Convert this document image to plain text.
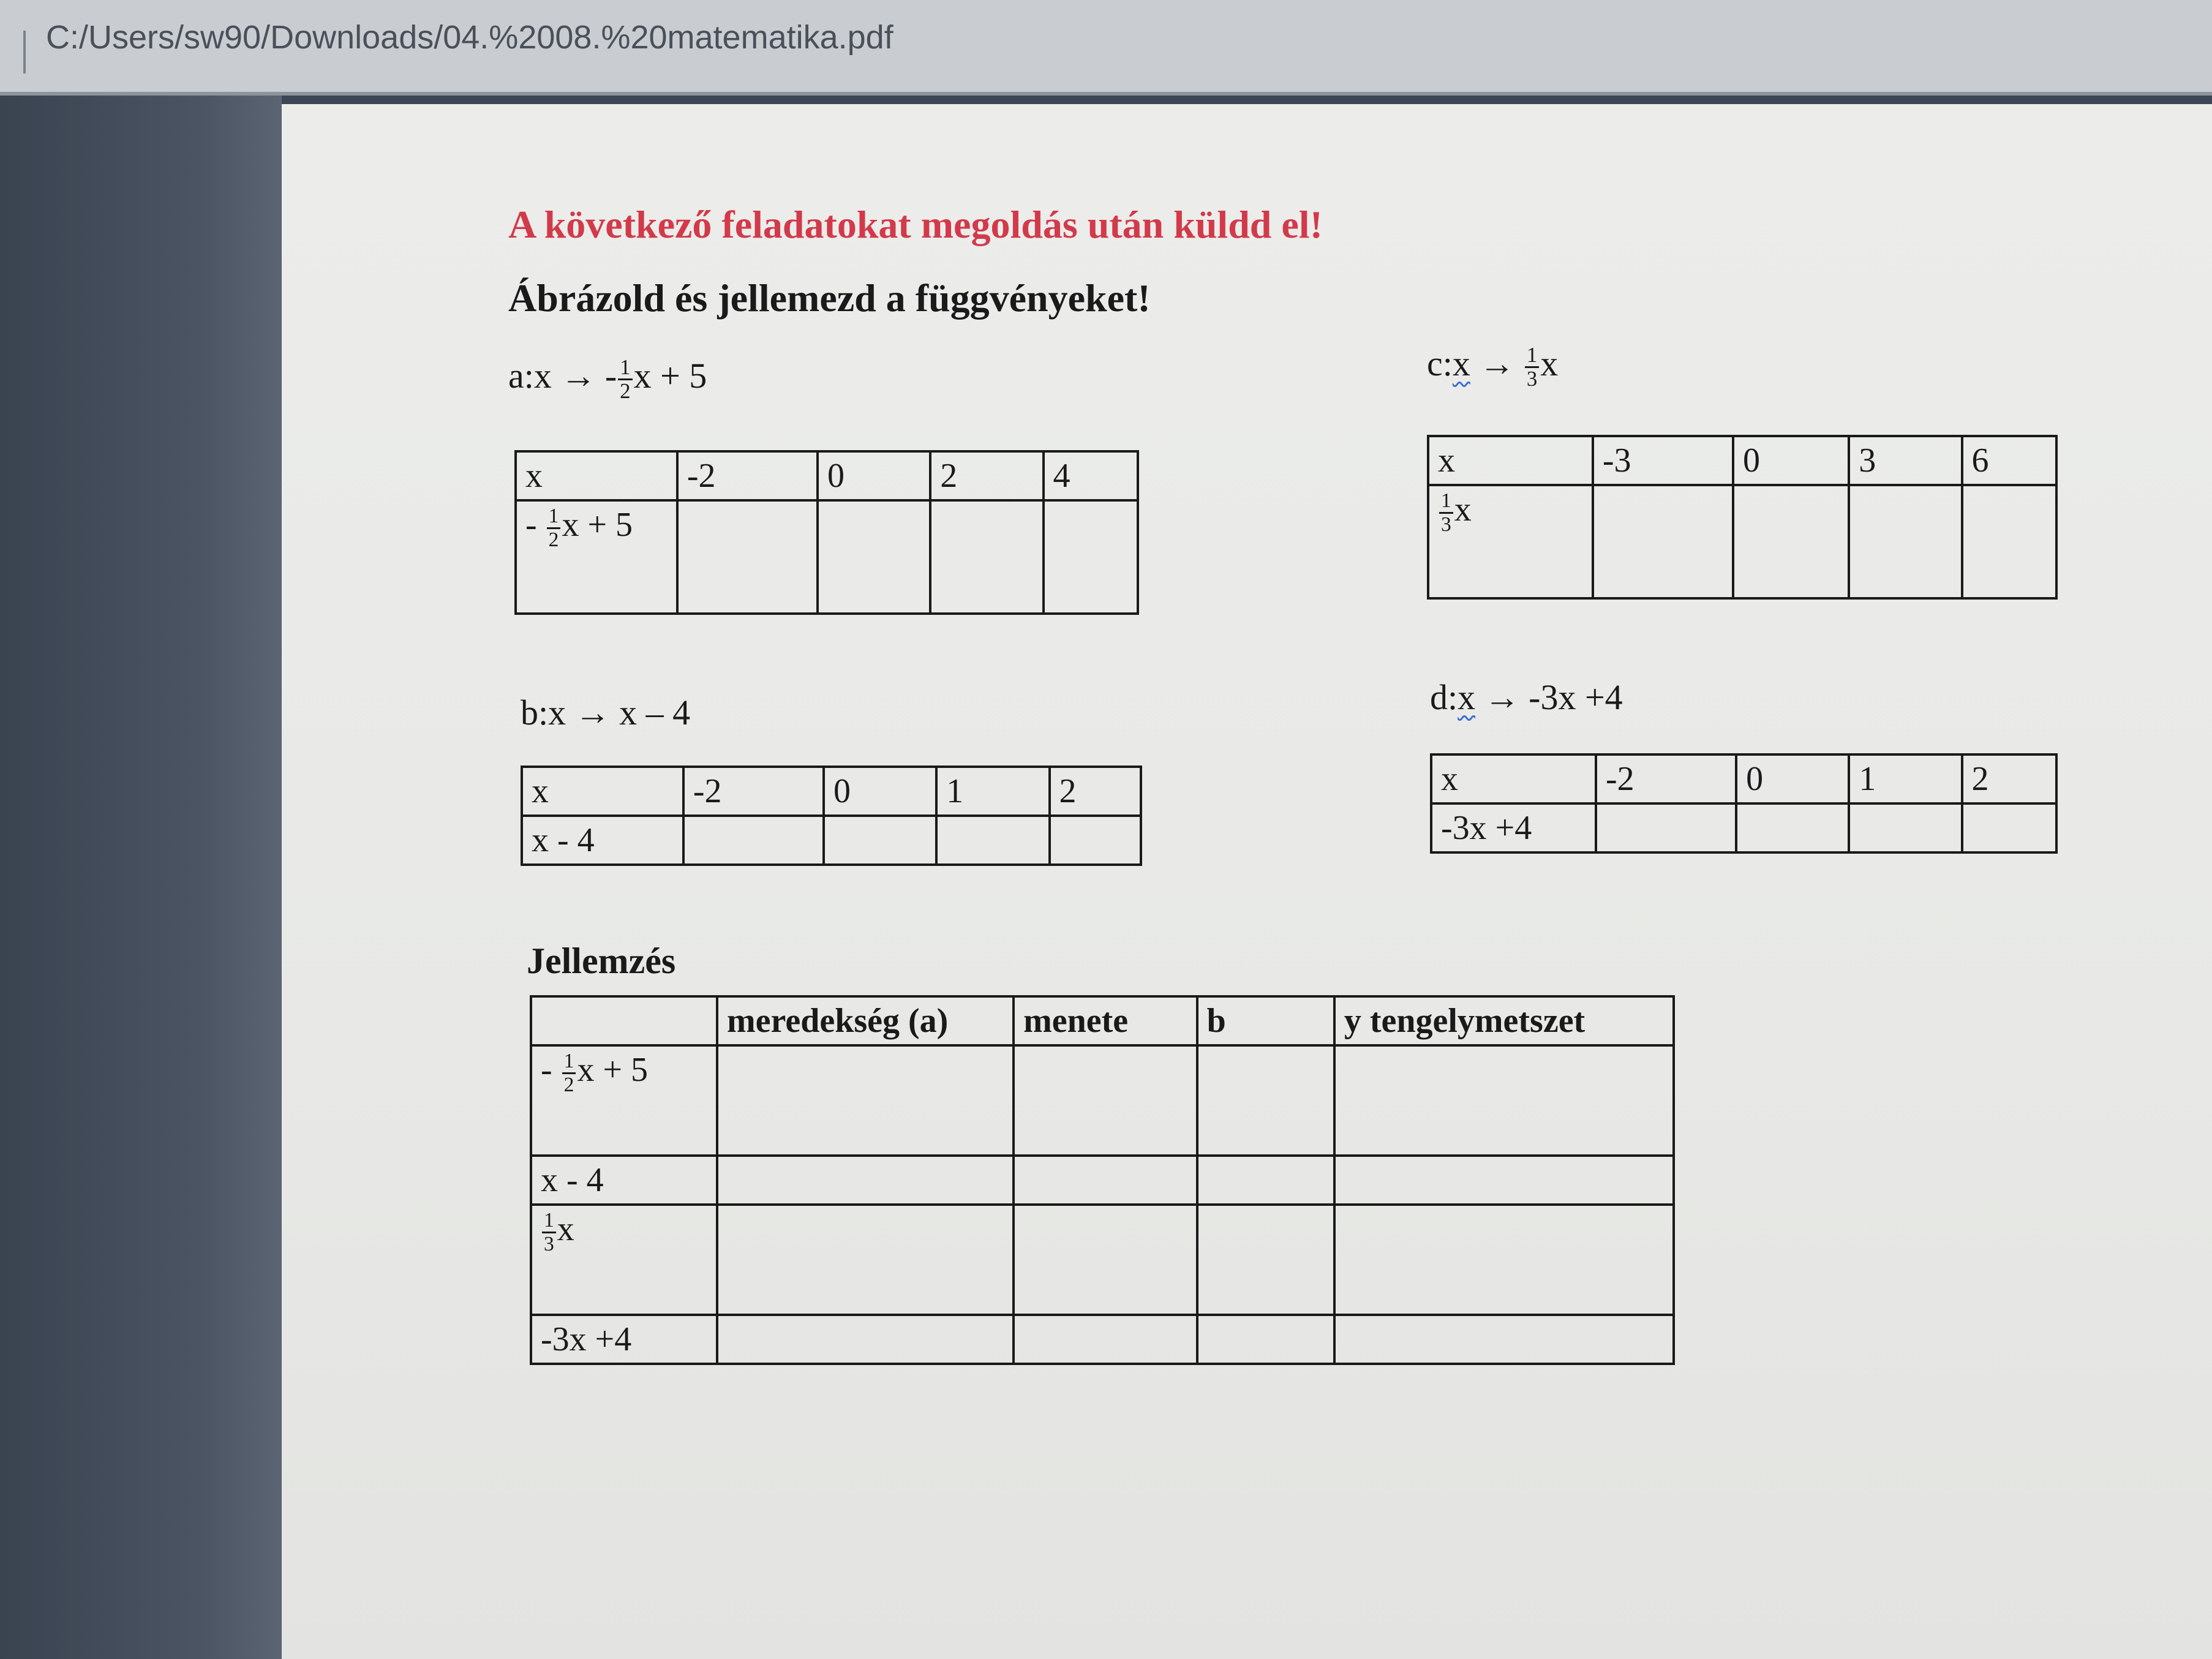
C:/Users/sw90/Downloads/04.%2008.%20matematika.pdf
A következő feladatokat megoldás után küldd el!
Ábrázold és jellemezd a függvényeket!
a:x → - $\frac{1}{2}$ x + 5	c:x → $\frac{1}{3}$ x
x	-2	0	2	4
- $\frac{1}{2}$ x + 5				
x	-3	0	3	6

$\frac{1}{3}$ x				
b:x → x – 4	d:x → -3x +4
x	-2	0	1	2
x - 4				
x	-2	0	1	2
-3x +4				
Jellemzés
	meredekség (a)	menete	b	y tengelymetszet
- $\frac{1}{2}$ x + 5				
x - 4				

$\frac{1}{3}$ x				
-3x +4				
